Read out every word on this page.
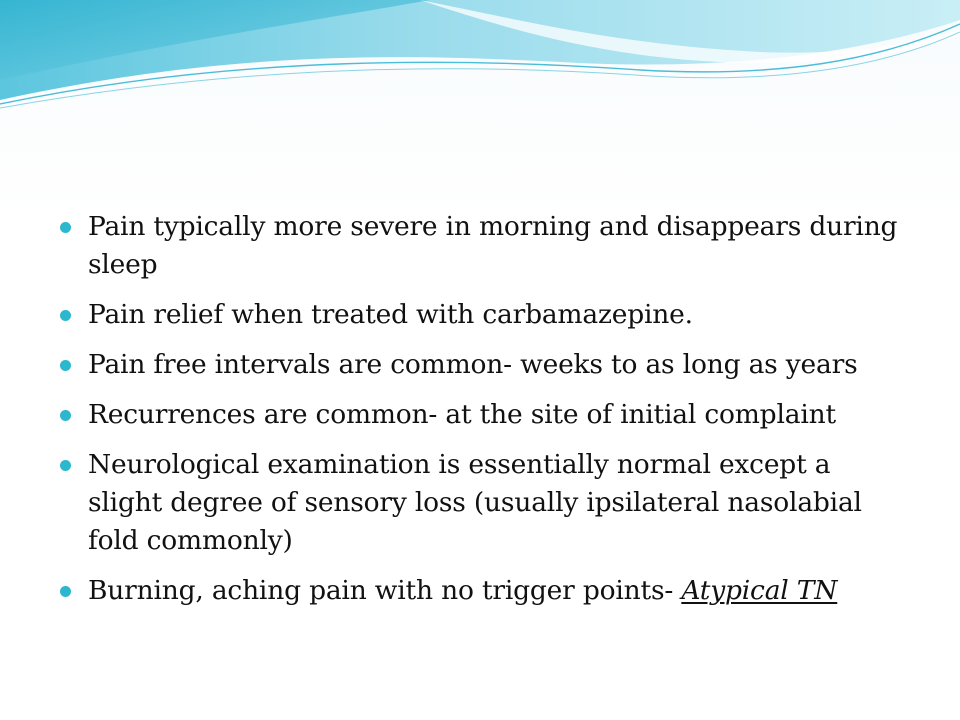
Pain typically more severe in morning and disappears during sleep
Pain relief when treated with carbamazepine.
Pain free intervals are common- weeks to as long as years
Recurrences are common- at the site of initial complaint
Neurological examination is essentially normal except a slight degree of sensory loss (usually ipsilateral nasolabial fold commonly)
Burning, aching pain with no trigger points- Atypical TN
